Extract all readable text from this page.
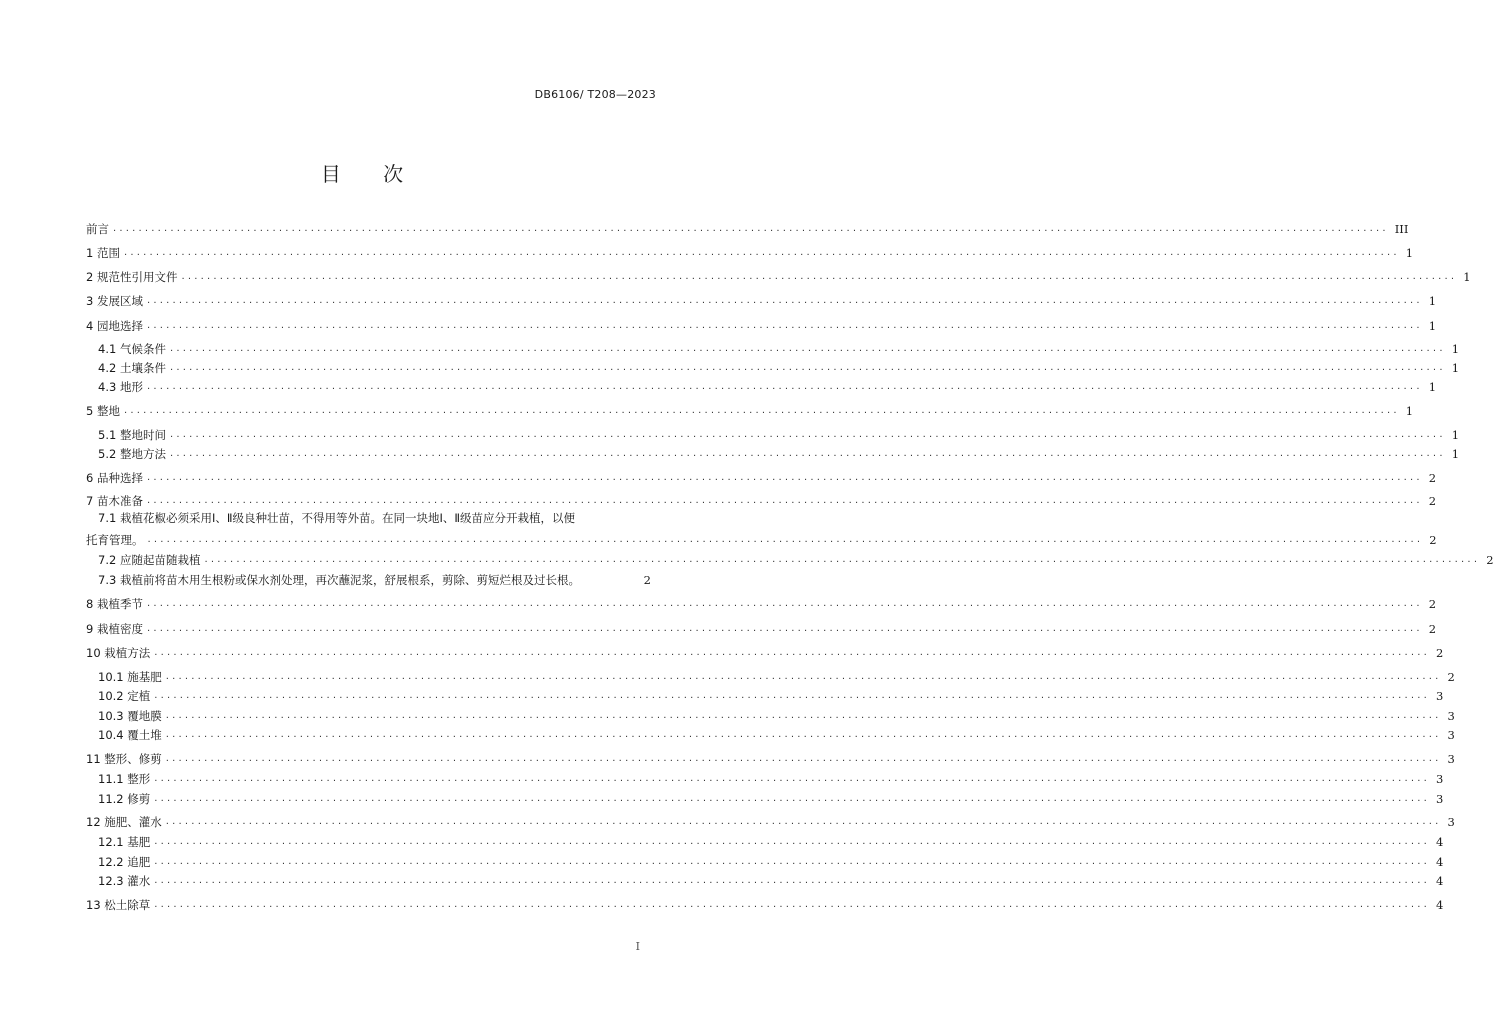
DB6106/ T208—2023
目 次
前言 ........................................................................................................................................................................................................ III
1 范围 ........................................................................................................................................................................................................ 1
2 规范性引用文件 ........................................................................................................................................................................................................ 1
3 发展区域 ........................................................................................................................................................................................................ 1
4 园地选择 ........................................................................................................................................................................................................ 1
4.1 气候条件 ........................................................................................................................................................................................................ 1
4.2 土壤条件 ........................................................................................................................................................................................................ 1
4.3 地形 ........................................................................................................................................................................................................ 1
5 整地 ........................................................................................................................................................................................................ 1
5.1 整地时间 ........................................................................................................................................................................................................ 1
5.2 整地方法 ........................................................................................................................................................................................................ 1
6 品种选择 ........................................................................................................................................................................................................ 2
7 苗木准备 ........................................................................................................................................................................................................ 2
7.1 栽植花椒必须采用Ⅰ、Ⅱ级良种壮苗，不得用等外苗。在同一块地Ⅰ、Ⅱ级苗应分开栽植，以便
托育管理。 ........................................................................................................................................................................................................ 2
7.2 应随起苗随栽植 ........................................................................................................................................................................................................ 2
7.3 栽植前将苗木用生根粉或保水剂处理，再次蘸泥浆，舒展根系，剪除、剪短烂根及过长根。	2
8 栽植季节 ........................................................................................................................................................................................................ 2
9 栽植密度 ........................................................................................................................................................................................................ 2
10 栽植方法 ........................................................................................................................................................................................................ 2
10.1 施基肥 ........................................................................................................................................................................................................ 2
10.2 定植 ........................................................................................................................................................................................................ 3
10.3 覆地膜 ........................................................................................................................................................................................................ 3
10.4 覆土堆 ........................................................................................................................................................................................................ 3
11 整形、修剪 ........................................................................................................................................................................................................ 3
11.1 整形 ........................................................................................................................................................................................................ 3
11.2 修剪 ........................................................................................................................................................................................................ 3
12 施肥、灌水 ........................................................................................................................................................................................................ 3
12.1 基肥 ........................................................................................................................................................................................................ 4
12.2 追肥 ........................................................................................................................................................................................................ 4
12.3 灌水 ........................................................................................................................................................................................................ 4
13 松土除草 ........................................................................................................................................................................................................ 4
I
